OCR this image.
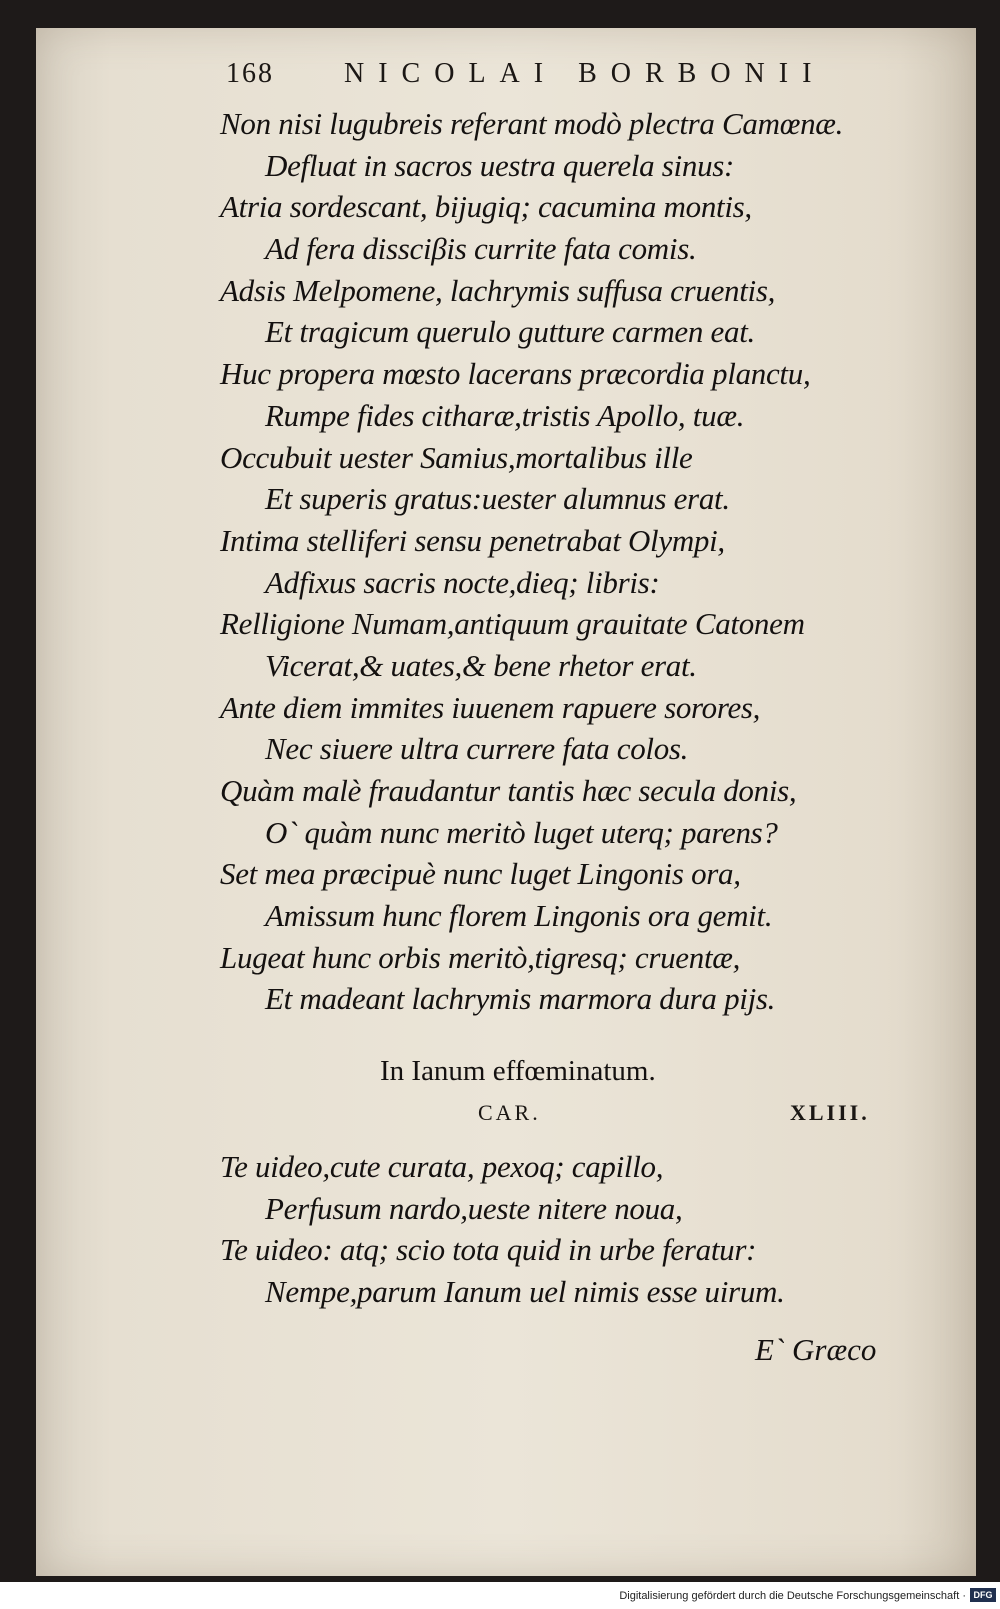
168	NICOLAI BORBONII
Non nisi lugubreis referant modò plectra Camœnæ.
Defluat in sacros uestra querela sinus:
Atria sordescant, bijugiq; cacumina montis,
Ad fera dissciβis currite fata comis.
Adsis Melpomene, lachrymis suffusa cruentis,
Et tragicum querulo gutture carmen eat.
Huc propera mœsto lacerans præcordia planctu,
Rumpe fides citharæ,tristis Apollo, tuæ.
Occubuit uester Samius,mortalibus ille
Et superis gratus:uester alumnus erat.
Intima stelliferi sensu penetrabat Olympi,
Adfixus sacris nocte,dieq; libris:
Relligione Numam,antiquum grauitate Catonem
Vicerat,& uates,& bene rhetor erat.
Ante diem immites iuuenem rapuere sorores,
Nec siuere ultra currere fata colos.
Quàm malè fraudantur tantis hæc secula donis,
O` quàm nunc meritò luget uterq; parens?
Set mea præcipuè nunc luget Lingonis ora,
Amissum hunc florem Lingonis ora gemit.
Lugeat hunc orbis meritò,tigresq; cruentæ,
Et madeant lachrymis marmora dura pijs.
In Ianum effœminatum.
CAR.	XLIII.
Te uideo,cute curata, pexoq; capillo,
Perfusum nardo,ueste nitere noua,
Te uideo: atq; scio tota quid in urbe feratur:
Nempe,parum Ianum uel nimis esse uirum.
E` Græco
Digitalisierung gefördert durch die Deutsche Forschungsgemeinschaft · DFG
